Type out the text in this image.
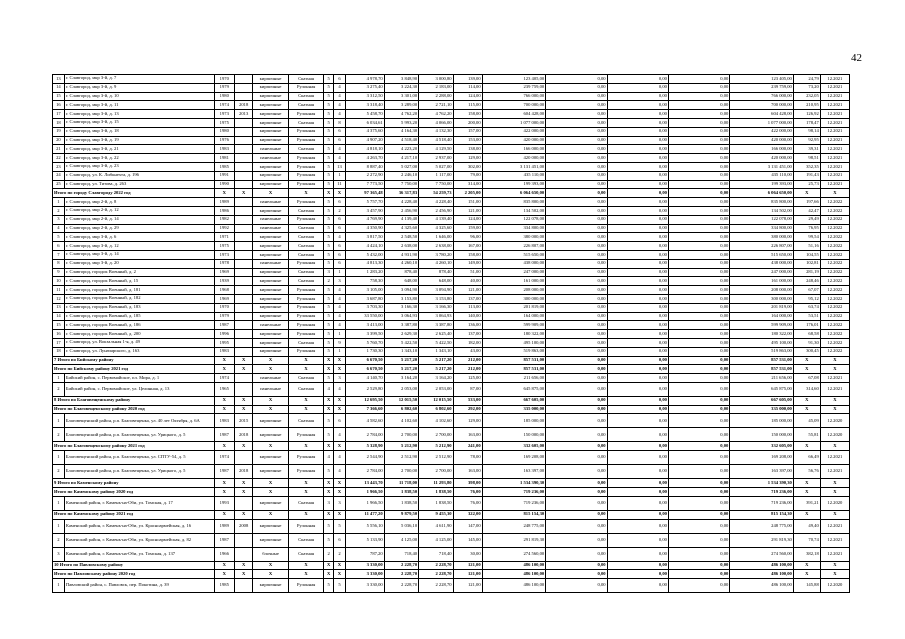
42
13	г. Славгород, мкр 3-й, д. 7	1970		кирпичные	Скатная	5	6	4 978,70	3 848,90	3 000,80	139,00	123 405,00	0,00	0,00	0,00	123 405,00	24,79	12.2021
14	г. Славгород, мкр 3-й, д. 9	1979		кирпичные	Рулонная	5	4	3 275,40	3 224,30	2 183,00	114,00	239 759,00	0,00	0,00	0,00	239 759,00	73,20	12.2021
15	г. Славгород, мкр 3-й, д. 10	1980		кирпичные	Скатная	5	4	3 312,50	3 301,00	2 288,00	124,00	766 000,00	0,00	0,00	0,00	766 000,00	232,05	12.2021
16	г. Славгород, мкр 3-й, д. 11	1974	2018	кирпичные	Скатная	5	4	3 318,40	3 289,00	2 721,10	115,00	700 000,00	0,00	0,00	0,00	700 000,00	210,95	12.2021
17	г. Славгород, мкр 3-й, д. 13	1973	2013	кирпичные	Рулонная	5	4	5 458,70	4 762,20	4 762,20	158,00	604 428,00	0,00	0,00	0,00	604 428,00	126,92	12.2021
18	г. Славгород, мкр 3-й, д. 15	1975		кирпичные	Скатная	5	8	6 034,61	5 993,20	4 066,00	200,00	1 077 000,00	0,00	0,00	0,00	1 077 000,00	178,47	12.2021
19	г. Славгород, мкр 3-й, д. 18	1980		кирпичные	Рулонная	5	6	4 375,60	4 164,30	4 132,30	157,00	422 000,00	0,00	0,00	0,00	422 000,00	98,14	12.2021
20	г. Славгород, мкр 3-й, д. 19	1976		кирпичные	Рулонная	5	6	4 907,20	4 518,40	4 518,40	153,00	420 000,00	0,00	0,00	0,00	420 000,00	92,95	12.2021
21	г. Славгород, мкр 3-й, д. 21	1983		панельные	Скатная	5	4	4 818,10	4 223,20	4 129,50	138,00	166 000,00	0,00	0,00	0,00	166 000,00	39,31	12.2021
22	г. Славгород, мкр 3-й, д. 22	1981		панельные	Рулонная	5	4	4 263,70	4 217,10	2 937,00	129,00	420 000,00	0,00	0,00	0,00	420 000,00	98,51	12.2021
23	г. Славгород, мкр 3-й, д. 23	1985		кирпичные	Рулонная	5	13	8 887,40	5 027,00	5 027,00	302,00	3 131 451,00	0,00	0,00	0,00	3 131 451,00	352,35	12.2021
24	г. Славгород, ул. К. Либкнехта, д. 196	1991		кирпичные	Рулонная	5	1	2 272,90	2 246,10	1 117,00	79,00	435 110,00	0,00	0,00	0,00	435 110,00	191,43	12.2021
25	г. Славгород, ул. Титова, д. 263	1990		кирпичные	Рулонная	5	11	7 773,50	7 750,00	7 750,00	314,00	199 393,00	0,00	0,00	0,00	199 393,00	25,73	12.2021
Итого по городу Славгороду 2022 год		X	X	X	X	X	X	97 365,48	36 317,83	54 259,73	2 205,00	6 064 650,00	0,00	0,00	0,00	6 064 650,00	X	X
1	г. Славгород, мкр 2-й, д. 8	1989		панельные	Рулонная	5	6	5 757,70	4 228,40	4 228,40	151,00	835 800,00	0,00	0,00	0,00	835 800,00	197,66	12.2022
2	г. Славгород, мкр 2-й, д. 12	1986		кирпичные	Скатная	5	2	3 457,90	2 456,90	2 456,90	121,00	134 502,00	0,00	0,00	0,00	134 502,00	42,47	12.2022
3	г. Славгород, мкр 2-й, д. 14	1982		панельные	Рулонная	5	6	4 769,90	4 139,40	4 139,40	124,00	122 078,00	0,00	0,00	0,00	122 078,00	29,49	12.2022
4	г. Славгород, мкр 2-й, д. 29	1992		панельные	Скатная	5	6	4 350,90	4 325,60	4 325,60	159,00	334 800,00	0,00	0,00	0,00	334 800,00	76,95	12.2022
5	г. Славгород, мкр 3-й, д. 6	1971		кирпичные	Скатная	5	4	3 817,50	2 548,50	1 646,00	96,00	380 000,00	0,00	0,00	0,00	380 000,00	99,54	12.2022
6	г. Славгород, мкр 3-й, д. 12	1975		кирпичные	Скатная	5	6	4 424,10	2 638,00	2 638,00	167,00	226 807,00	0,00	0,00	0,00	226 807,00	51,16	12.2022
7	г. Славгород, мкр 3-й, д. 14	1973		кирпичные	Скатная	5	6	5 432,00	4 931,90	3 780,20	158,00	515 650,00	0,00	0,00	0,00	515 650,00	104,55	12.2022
8	г. Славгород, мкр 3-й, д. 20	1978		панельные	Рулонная	5	6	4 813,30	4 260,10	4 260,10	149,00	438 000,00	0,00	0,00	0,00	438 000,00	102,81	12.2022
9	г. Славгород, городок Военный, д. 2	1969		кирпичные	Скатная	3	1	1 283,20	878,40	878,40	51,00	247 000,00	0,00	0,00	0,00	247 000,00	281,19	12.2022
10	г. Славгород, городок Военный, д. 15	1939		кирпичные	Скатная	2	3	758,30	648,00	648,00	40,00	161 000,00	0,00	0,00	0,00	161 000,00	248,46	12.2022
11	г. Славгород, городок Военный, д. 181	1968		кирпичные	Рулонная	5	4	3 105,00	3 094,90	3 094,90	121,00	208 000,00	0,00	0,00	0,00	208 000,00	67,07	12.2022
12	г. Славгород, городок Военный, д. 182	1969		кирпичные	Рулонная	5	4	3 687,80	3 153,80	3 153,80	137,00	300 000,00	0,00	0,00	0,00	300 000,00	95,12	12.2022
13	г. Славгород, городок Военный, д. 183	1970		кирпичные	Рулонная	5	4	3 703,30	3 166,30	3 166,30	113,00	201 819,00	0,00	0,00	0,00	201 819,00	63,74	12.2022
14	г. Славгород, городок Военный, д. 185	1979		кирпичные	Рулонная	5	4	33 550,00	3 064,93	3 064,93	140,00	164 000,00	0,00	0,00	0,00	164 000,00	53,51	12.2022
15	г. Славгород, городок Военный, д. 186	1987		панельные	Рулонная	5	4	3 413,00	3 387,80	3 387,80	136,00	599 909,00	0,00	0,00	0,00	599 909,00	176,01	12.2022
16	г. Славгород, городок Военный, д. 200	1996		кирпичные	Рулонная	5	1	3 399,50	2 629,30	2 625,40	137,00	180 322,00	0,00	0,00	0,00	180 322,00	68,58	12.2022
17	г. Славгород, ул. Вокзальная 1-я, д. 49	1995		кирпичные	Скатная	5	9	5 760,70	5 422,50	5 422,50	182,00	495 100,00	0,00	0,00	0,00	495 100,00	91,30	12.2022
18	г. Славгород, ул. Луначарского, д. 163	1983		кирпичные	Рулонная	5	1	1 730,30	1 343,10	1 343,10	43,00	519 863,00	0,00	0,00	0,00	519 863,00	300,45	12.2022
7 Итого по Бийскому району		X	X	X	X	X	X	6 670,50	5 217,20	5 217,20	212,00	857 531,00	0,00	0,00	0,00	857 531,00	X	X
Итого по Бийскому району 2021 год		X	X	X	X	X	X	6 670,50	5 217,20	5 217,20	212,00	857 531,00	0,00	0,00	0,00	857 531,00	X	X
1	Бийский район, с. Первомайское, пл. Мира, д. 1	1974		панельные	Скатная	5	3	4 140,70	3 164,20	3 164,20	125,00	211 656,00	0,00	0,00	0,00	211 656,00	67,08	12.2021
2	Бийский район, с. Первомайское, ул. Целинная, д. 13	1965		панельные	Скатная	4	4	2 529,80	2 053,00	2 053,00	87,00	645 875,00	0,00	0,00	0,00	645 875,00	314,60	12.2021
8 Итого по Благовещенскому району		X	X	X	X	X	X	12 695,50	12 015,50	12 015,50	533,00	667 605,00	0,00	0,00	0,00	667 605,00	X	X
Итого по Благовещенскому району 2020 год		X	X	X	X	X	X	7 366,60	6 802,60	6 802,60	292,00	335 000,00	0,00	0,00	0,00	335 000,00	X	X
1	Благовещенский район, р.п. Благовещенка, ул. 40 лет Октября, д. 6А	1983	2015	кирпичные	Скатная	5	6	4 582,60	4 102,60	4 102,60	129,00	185 000,00	0,00	0,00	0,00	185 000,00	45,09	12.2020
2	Благовещенский район, р.п. Благовещенка, ул. Урицкого, д. 5	1987	2018	кирпичные	Рулонная	5	4	2 784,00	2 700,00	2 700,00	163,00	150 000,00	0,00	0,00	0,00	150 000,00	55,81	12.2020
Итого по Благовещенскому району 2021 год		X	X	X	X	X	X	5 328,90	5 212,90	5 212,90	241,00	332 605,00	0,00	0,00	0,00	332 605,00	X	X
1	Благовещенский район, р.п. Благовещенка, ул. СПТУ-54, д. 5	1974		кирпичные	Рулонная	4	4	2 544,90	2 512,90	2 512,90	78,00	169 208,00	0,00	0,00	0,00	169 208,00	66,49	12.2021
2	Благовещенский район, р.п. Благовещенка, ул. Урицкого, д. 5	1987	2018	кирпичные	Рулонная	5	4	2 784,00	2 700,00	2 700,00	163,00	163 397,00	0,00	0,00	0,00	163 397,00	56,76	12.2021
9 Итого по Каменскому району		X	X	X	X	X	X	13 443,70	11 718,00	11 293,80	398,00	1 534 390,30	0,00	0,00	0,00	1 534 390,30	X	X
Итого по Каменскому району 2020 год		X	X	X	X	X	X	1 966,50	1 838,50	1 838,50	76,00	719 236,00	0,00	0,00	0,00	719 236,00	X	X
1	Каменский район, г. Камень-на-Оби, ул. Томская, д. 17	1993		кирпичные	Скатная	3	3	1 966,50	1 838,50	1 838,50	76,00	719 236,00	0,00	0,00	0,00	719 236,00	391,21	12.2020
Итого по Каменскому району 2021 год		X	X	X	X	X	X	11 477,20	9 879,50	9 455,30	322,00	815 154,30	0,00	0,00	0,00	815 154,30	X	X
1	Каменский район, г. Камень-на-Оби, ул. Красноармейская, д. 16	1989	2008	кирпичные	Рулонная	5	5	5 556,10	5 036,10	4 611,90	147,00	248 775,00	0,00	0,00	0,00	248 775,00	49,40	12.2021
2	Каменский район, г. Камень-на-Оби, ул. Красноармейская, д. 82	1987		кирпичные	Скатная	5	6	5 133,90	4 125,00	4 125,00	145,00	291 819,30	0,00	0,00	0,00	291 819,30	70,74	12.2021
3	Каменский район, г. Камень-на-Оби, ул. Томская, д. 137	1966		блочные	Скатная	2	2	787,20	718,40	718,40	30,00	274 560,00	0,00	0,00	0,00	274 560,00	382,18	12.2021
10 Итого по Павловскому району		X	X	X	X	X	X	3 330,00	2 228,70	2 228,70	121,00	486 100,00	0,00	0,00	0,00	486 100,00	X	X
Итого по Павловскому району 2020 год		X	X	X	X	X	X	3 330,00	2 228,70	2 228,70	121,00	486 100,00	0,00	0,00	0,00	486 100,00	X	X
1	Павловский район, с. Павловск, пер. Покотина, д. 39	1985		кирпичные	Рулонная	5	5	3 330,00	2 228,70	2 228,70	121,00	486 100,00	0,00	0,00	0,00	486 100,00	145,88	12.2020
